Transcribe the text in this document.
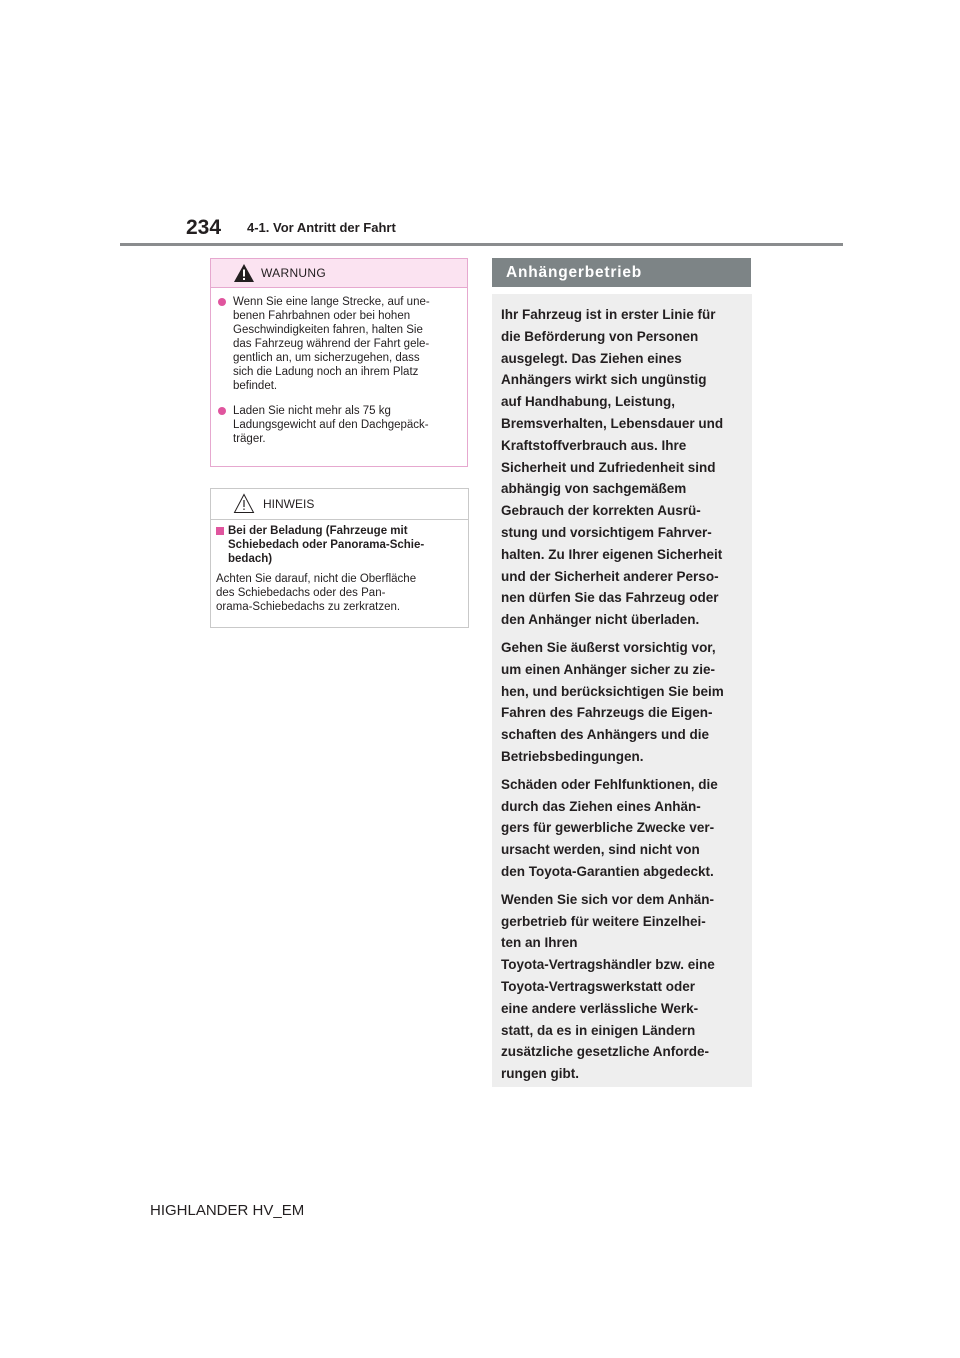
234 4-1. Vor Antritt der Fahrt
WARNUNG
Wenn Sie eine lange Strecke, auf une-
benen Fahrbahnen oder bei hohen
Geschwindigkeiten fahren, halten Sie
das Fahrzeug während der Fahrt gele-
gentlich an, um sicherzugehen, dass
sich die Ladung noch an ihrem Platz
befindet.
Laden Sie nicht mehr als 75 kg
Ladungsgewicht auf den Dachgepäck-
träger.
HINWEIS
Bei der Beladung (Fahrzeuge mit
Schiebedach oder Panorama-Schie-
bedach)
Achten Sie darauf, nicht die Oberfläche
des Schiebedachs oder des Pan-
orama-Schiebedachs zu zerkratzen.
Anhängerbetrieb

Ihr Fahrzeug ist in erster Linie für
die Beförderung von Personen
ausgelegt. Das Ziehen eines
Anhängers wirkt sich ungünstig
auf Handhabung, Leistung,
Bremsverhalten, Lebensdauer und
Kraftstoffverbrauch aus. Ihre
Sicherheit und Zufriedenheit sind
abhängig von sachgemäßem
Gebrauch der korrekten Ausrü-
stung und vorsichtigem Fahrver-
halten. Zu Ihrer eigenen Sicherheit
und der Sicherheit anderer Perso-
nen dürfen Sie das Fahrzeug oder
den Anhänger nicht überladen.

Gehen Sie äußerst vorsichtig vor,
um einen Anhänger sicher zu zie-
hen, und berücksichtigen Sie beim
Fahren des Fahrzeugs die Eigen-
schaften des Anhängers und die
Betriebsbedingungen.

Schäden oder Fehlfunktionen, die
durch das Ziehen eines Anhän-
gers für gewerbliche Zwecke ver-
ursacht werden, sind nicht von
den Toyota-Garantien abgedeckt.

Wenden Sie sich vor dem Anhän-
gerbetrieb für weitere Einzelhei-
ten an Ihren
Toyota-Vertragshändler bzw. eine
Toyota-Vertragswerkstatt oder
eine andere verlässliche Werk-
statt, da es in einigen Ländern
zusätzliche gesetzliche Anforde-
rungen gibt.

HIGHLANDER HV_EM
